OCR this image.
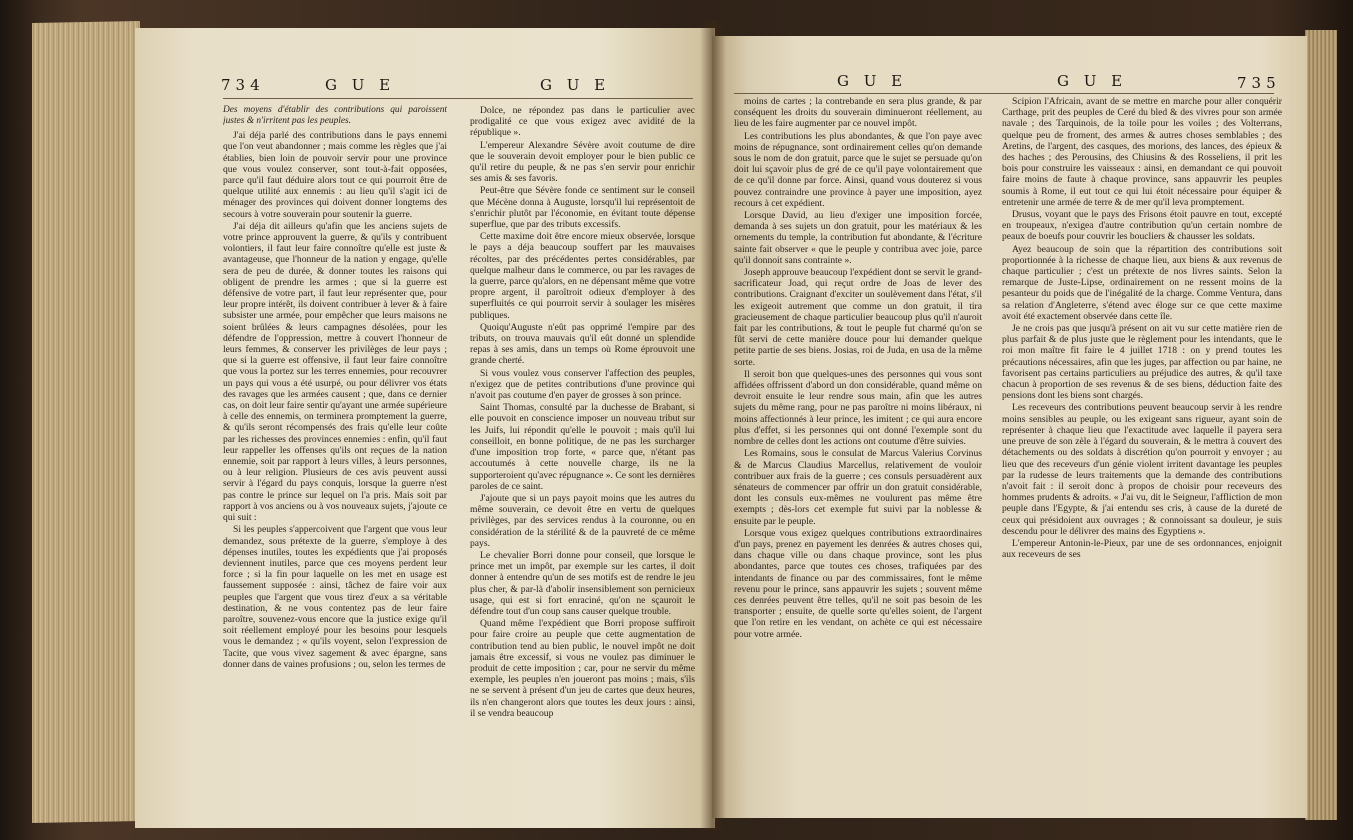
734	G U E	G U E

Des moyens d'établir des contributions qui paroissent justes & n'irritent pas les peuples.

J'ai déja parlé des contributions dans le pays ennemi que l'on veut abandonner ; mais comme les règles que j'ai établies, bien loin de pouvoir servir pour une province que vous voulez conserver, sont tout-à-fait opposées, parce qu'il faut déduire alors tout ce qui pourroit être de quelque utilité aux ennemis : au lieu qu'il s'agit ici de ménager des provinces qui doivent donner longtems des secours à votre souverain pour soutenir la guerre.

J'ai déja dit ailleurs qu'afin que les anciens sujets de votre prince approuvent la guerre, & qu'ils y contribuent volontiers, il faut leur faire connoître qu'elle est juste & avantageuse, que l'honneur de la nation y engage, qu'elle sera de peu de durée, & donner toutes les raisons qui obligent de prendre les armes ; que si la guerre est défensive de votre part, il faut leur représenter que, pour leur propre intérêt, ils doivent contribuer à lever & à faire subsister une armée, pour empêcher que leurs maisons ne soient brûlées & leurs campagnes désolées, pour les défendre de l'oppression, mettre à couvert l'honneur de leurs femmes, & conserver les privilèges de leur pays ; que si la guerre est offensive, il faut leur faire connoître que vous la portez sur les terres ennemies, pour recouvrer un pays qui vous a été usurpé, ou pour délivrer vos états des ravages que les armées causent ; que, dans ce dernier cas, on doit leur faire sentir qu'ayant une armée supérieure à celle des ennemis, on terminera promptement la guerre, & qu'ils seront récompensés des frais qu'elle leur coûte par les richesses des provinces ennemies : enfin, qu'il faut leur rappeller les offenses qu'ils ont reçues de la nation ennemie, soit par rapport à leurs villes, à leurs personnes, ou à leur religion. Plusieurs de ces avis peuvent aussi servir à l'égard du pays conquis, lorsque la guerre n'est pas contre le prince sur lequel on l'a pris. Mais soit par rapport à vos anciens ou à vos nouveaux sujets, j'ajoute ce qui suit :

Si les peuples s'appercoivent que l'argent que vous leur demandez, sous prétexte de la guerre, s'employe à des dépenses inutiles, toutes les expédients que j'ai proposés deviennent inutiles, parce que ces moyens perdent leur force ; si la fin pour laquelle on les met en usage est faussement supposée : ainsi, tâchez de faire voir aux peuples que l'argent que vous tirez d'eux a sa véritable destination, & ne vous contentez pas de leur faire paroître, souvenez-vous encore que la justice exige qu'il soit réellement employé pour les besoins pour lesquels vous le demandez ; « qu'ils voyent, selon l'expression de Tacite, que vous vivez sagement & avec épargne, sans donner dans de vaines profusions ; ou, selon les termes de

Dolce, ne répondez pas dans le particulier avec prodigalité ce que vous exigez avec avidité de la république ».

L'empereur Alexandre Sévère avoit coutume de dire que le souverain devoit employer pour le bien public ce qu'il retire du peuple, & ne pas s'en servir pour enrichir ses amis & ses favoris.

Peut-être que Sévère fonde ce sentiment sur le conseil que Mécène donna à Auguste, lorsqu'il lui représentoit de s'enrichir plutôt par l'économie, en évitant toute dépense superflue, que par des tributs excessifs.

Cette maxime doit être encore mieux observée, lorsque le pays a déja beaucoup souffert par les mauvaises récoltes, par des précédentes pertes considérables, par quelque malheur dans le commerce, ou par les ravages de la guerre, parce qu'alors, en ne dépensant même que votre propre argent, il paroîtroit odieux d'employer à des superfluités ce qui pourroit servir à soulager les misères publiques.

Quoiqu'Auguste n'eût pas opprimé l'empire par des tributs, on trouva mauvais qu'il eût donné un splendide repas à ses amis, dans un temps où Rome éprouvoit une grande cherté.

Si vous voulez vous conserver l'affection des peuples, n'exigez que de petites contributions d'une province qui n'avoit pas coutume d'en payer de grosses à son prince.

Saint Thomas, consulté par la duchesse de Brabant, si elle pouvoit en conscience imposer un nouveau tribut sur les Juifs, lui répondit qu'elle le pouvoit ; mais qu'il lui conseilloit, en bonne politique, de ne pas les surcharger d'une imposition trop forte, « parce que, n'étant pas accoutumés à cette nouvelle charge, ils ne la supporteroient qu'avec répugnance ». Ce sont les dernières paroles de ce saint.

J'ajoute que si un pays payoit moins que les autres du même souverain, ce devoit être en vertu de quelques privilèges, par des services rendus à la couronne, ou en considération de la stérilité & de la pauvreté de ce même pays.

Le chevalier Borri donne pour conseil, que lorsque le prince met un impôt, par exemple sur les cartes, il doit donner à entendre qu'un de ses motifs est de rendre le jeu plus cher, & par-là d'abolir insensiblement son pernicieux usage, qui est si fort enraciné, qu'on ne sçauroit le défendre tout d'un coup sans causer quelque trouble.

Quand même l'expédient que Borri propose suffiroit pour faire croire au peuple que cette augmentation de contribution tend au bien public, le nouvel impôt ne doit jamais être excessif, si vous ne voulez pas diminuer le produit de cette imposition ; car, pour ne servir du même exemple, les peuples n'en joueront pas moins ; mais, s'ils ne se servent à présent d'un jeu de cartes que deux heures, ils n'en changeront alors que toutes les deux jours : ainsi, il se vendra beaucoup

G U E	G U E	735

moins de cartes ; la contrebande en sera plus grande, & par conséquent les droits du souverain diminueront réellement, au lieu de les faire augmenter par ce nouvel impôt.

Les contributions les plus abondantes, & que l'on paye avec moins de répugnance, sont ordinairement celles qu'on demande sous le nom de don gratuit, parce que le sujet se persuade qu'on doit lui sçavoir plus de gré de ce qu'il paye volontairement que de ce qu'il donne par force. Ainsi, quand vous douterez si vous pouvez contraindre une province à payer une imposition, ayez recours à cet expédient.

Lorsque David, au lieu d'exiger une imposition forcée, demanda à ses sujets un don gratuit, pour les matériaux & les ornements du temple, la contribution fut abondante, & l'écriture sainte fait observer « que le peuple y contribua avec joie, parce qu'il donnoit sans contrainte ».

Joseph approuve beaucoup l'expédient dont se servit le grand-sacrificateur Joad, qui reçut ordre de Joas de lever des contributions. Craignant d'exciter un soulèvement dans l'état, s'il les exigeoit autrement que comme un don gratuit, il tira gracieusement de chaque particulier beaucoup plus qu'il n'auroit fait par les contributions, & tout le peuple fut charmé qu'on se fût servi de cette manière douce pour lui demander quelque petite partie de ses biens. Josias, roi de Juda, en usa de la même sorte.

Il seroit bon que quelques-unes des personnes qui vous sont affidées offrissent d'abord un don considérable, quand même on devroit ensuite le leur rendre sous main, afin que les autres sujets du même rang, pour ne pas paroître ni moins libéraux, ni moins affectionnés à leur prince, les imitent ; ce qui aura encore plus d'effet, si les personnes qui ont donné l'exemple sont du nombre de celles dont les actions ont coutume d'être suivies.

Les Romains, sous le consulat de Marcus Valerius Corvinus & de Marcus Claudius Marcellus, relativement de vouloir contribuer aux frais de la guerre ; ces consuls persuadèrent aux sénateurs de commencer par offrir un don gratuit considérable, dont les consuls eux-mêmes ne voulurent pas même être exempts ; dès-lors cet exemple fut suivi par la noblesse & ensuite par le peuple.

Lorsque vous exigez quelques contributions extraordinaires d'un pays, prenez en payement les denrées & autres choses qui, dans chaque ville ou dans chaque province, sont les plus abondantes, parce que toutes ces choses, trafiquées par des intendants de finance ou par des commissaires, font le même revenu pour le prince, sans appauvrir les sujets ; souvent même ces denrées peuvent être telles, qu'il ne soit pas besoin de les transporter ; ensuite, de quelle sorte qu'elles soient, de l'argent que l'on retire en les vendant, on achète ce qui est nécessaire pour votre armée.

Scipion l'Africain, avant de se mettre en marche pour aller conquérir Carthage, prit des peuples de Ceré du bled & des vivres pour son armée navale ; des Tarquinois, de la toile pour les voiles ; des Volterrans, quelque peu de froment, des armes & autres choses semblables ; des Aretins, de l'argent, des casques, des morions, des lances, des épieux & des haches ; des Perousins, des Chiusins & des Rosseliens, il prit les bois pour construire les vaisseaux : ainsi, en demandant ce qui pouvoit faire moins de faute à chaque province, sans appauvrir les peuples soumis à Rome, il eut tout ce qui lui étoit nécessaire pour équiper & entretenir une armée de terre & de mer qu'il leva promptement.

Drusus, voyant que le pays des Frisons étoit pauvre en tout, excepté en troupeaux, n'exigea d'autre contribution qu'un certain nombre de peaux de boeufs pour couvrir les boucliers & chausser les soldats.

Ayez beaucoup de soin que la répartition des contributions soit proportionnée à la richesse de chaque lieu, aux biens & aux revenus de chaque particulier ; c'est un prétexte de nos livres saints. Selon la remarque de Juste-Lipse, ordinairement on ne ressent moins de la pesanteur du poids que de l'inégalité de la charge. Comme Ventura, dans sa relation d'Angleterre, s'étend avec éloge sur ce que cette maxime avoit été exactement observée dans cette île.

Je ne crois pas que jusqu'à présent on ait vu sur cette matière rien de plus parfait & de plus juste que le règlement pour les intendants, que le roi mon maître fit faire le 4 juillet 1718 : on y prend toutes les précautions nécessaires, afin que les juges, par affection ou par haine, ne favorisent pas certains particuliers au préjudice des autres, & qu'il taxe chacun à proportion de ses revenus & de ses biens, déduction faite des pensions dont les biens sont chargés.

Les receveurs des contributions peuvent beaucoup servir à les rendre moins sensibles au peuple, ou les exigeant sans rigueur, ayant soin de représenter à chaque lieu que l'exactitude avec laquelle il payera sera une preuve de son zèle à l'égard du souverain, & le mettra à couvert des détachements ou des soldats à discrétion qu'on pourroit y envoyer ; au lieu que des receveurs d'un génie violent irritent davantage les peuples par la rudesse de leurs traitements que la demande des contributions n'avoit fait : il seroit donc à propos de choisir pour receveurs des hommes prudents & adroits. « J'ai vu, dit le Seigneur, l'affliction de mon peuple dans l'Egypte, & j'ai entendu ses cris, à cause de la dureté de ceux qui présidoient aux ouvrages ; & connoissant sa douleur, je suis descendu pour le délivrer des mains des Egyptiens ».

L'empereur Antonin-le-Pieux, par une de ses ordonnances, enjoignit aux receveurs de ses
